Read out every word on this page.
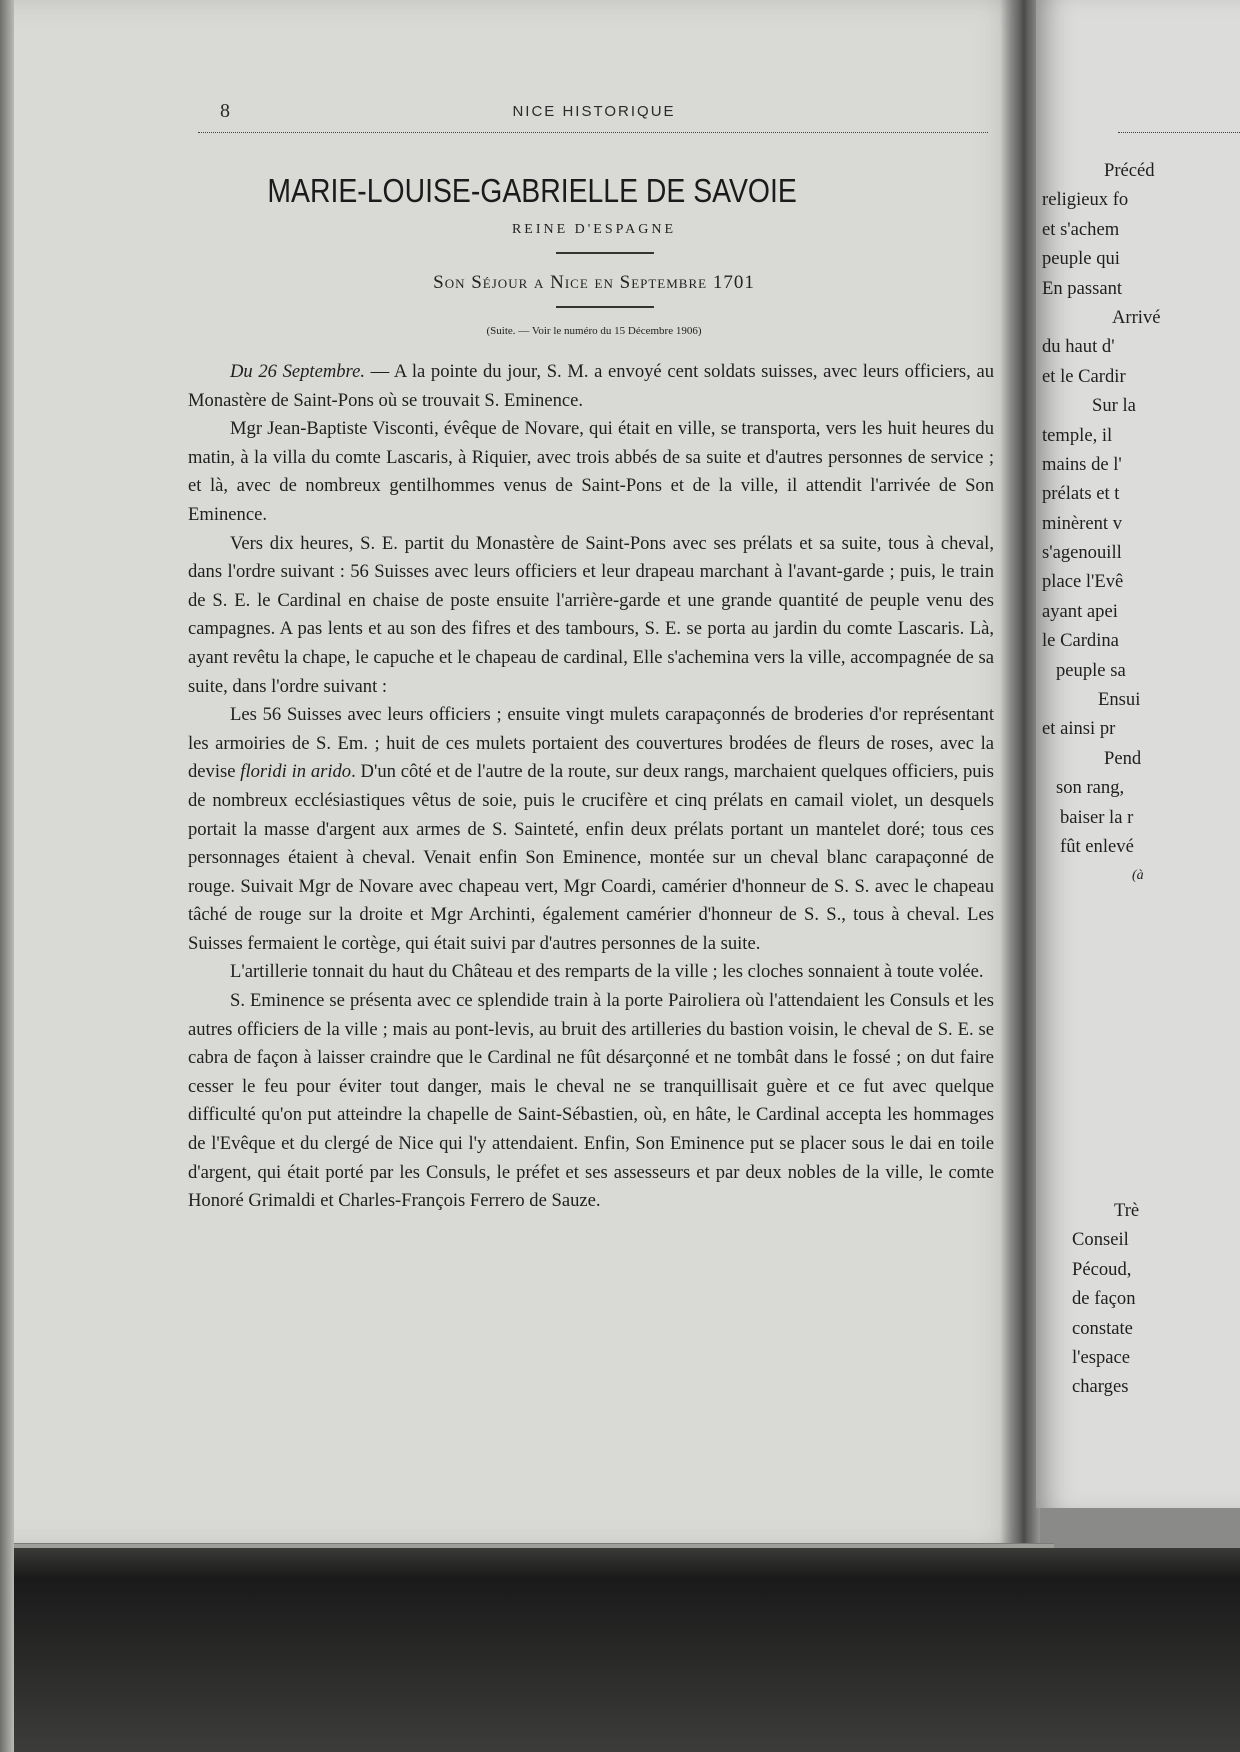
8	NICE HISTORIQUE
MARIE-LOUISE-GABRIELLE DE SAVOIE
REINE D'ESPAGNE
Son Séjour a Nice en Septembre 1701
(Suite. — Voir le numéro du 15 Décembre 1906)

Du 26 Septembre. — A la pointe du jour, S. M. a envoyé cent soldats suisses, avec leurs officiers, au Monastère de Saint-Pons où se trouvait S. Eminence.

Mgr Jean-Baptiste Visconti, évêque de Novare, qui était en ville, se transporta, vers les huit heures du matin, à la villa du comte Lascaris, à Riquier, avec trois abbés de sa suite et d'autres personnes de service ; et là, avec de nombreux gentilhommes venus de Saint-Pons et de la ville, il attendit l'arrivée de Son Eminence.

Vers dix heures, S. E. partit du Monastère de Saint-Pons avec ses prélats et sa suite, tous à cheval, dans l'ordre suivant : 56 Suisses avec leurs officiers et leur drapeau marchant à l'avant-garde ; puis, le train de S. E. le Cardinal en chaise de poste ensuite l'arrière-garde et une grande quantité de peuple venu des campagnes. A pas lents et au son des fifres et des tambours, S. E. se porta au jardin du comte Lascaris. Là, ayant revêtu la chape, le capuche et le chapeau de cardinal, Elle s'achemina vers la ville, accompagnée de sa suite, dans l'ordre suivant :

Les 56 Suisses avec leurs officiers ; ensuite vingt mulets carapaçonnés de broderies d'or représentant les armoiries de S. Em. ; huit de ces mulets portaient des couvertures brodées de fleurs de roses, avec la devise floridi in arido. D'un côté et de l'autre de la route, sur deux rangs, marchaient quelques officiers, puis de nombreux ecclésiastiques vêtus de soie, puis le crucifère et cinq prélats en camail violet, un desquels portait la masse d'argent aux armes de S. Sainteté, enfin deux prélats portant un mantelet doré; tous ces personnages étaient à cheval. Venait enfin Son Eminence, montée sur un cheval blanc carapaçonné de rouge. Suivait Mgr de Novare avec chapeau vert, Mgr Coardi, camérier d'honneur de S. S. avec le chapeau tâché de rouge sur la droite et Mgr Archinti, également camérier d'honneur de S. S., tous à cheval. Les Suisses fermaient le cortège, qui était suivi par d'autres personnes de la suite.

L'artillerie tonnait du haut du Château et des remparts de la ville ; les cloches sonnaient à toute volée.

S. Eminence se présenta avec ce splendide train à la porte Pairoliera où l'attendaient les Consuls et les autres officiers de la ville ; mais au pont-levis, au bruit des artilleries du bastion voisin, le cheval de S. E. se cabra de façon à laisser craindre que le Cardinal ne fût désarçonné et ne tombât dans le fossé ; on dut faire cesser le feu pour éviter tout danger, mais le cheval ne se tranquillisait guère et ce fut avec quelque difficulté qu'on put atteindre la chapelle de Saint-Sébastien, où, en hâte, le Cardinal accepta les hommages de l'Evêque et du clergé de Nice qui l'y attendaient. Enfin, Son Eminence put se placer sous le dai en toile d'argent, qui était porté par les Consuls, le préfet et ses assesseurs et par deux nobles de la ville, le comte Honoré Grimaldi et Charles-François Ferrero de Sauze.

Précéd
religieux fo
et s'achem
peuple qui
En passant
Arrivé
du haut d'
et le Cardir
Sur la
temple, il
mains de l'
prélats et t
minèrent v
s'agenouill
place l'Evê
ayant apei
le Cardina
peuple sa
Ensui
et ainsi pr
Pend
son rang,
baiser la r
fût enlevé
(à
Trè
Conseil
Pécoud,
de façon
constate
l'espace
charges
